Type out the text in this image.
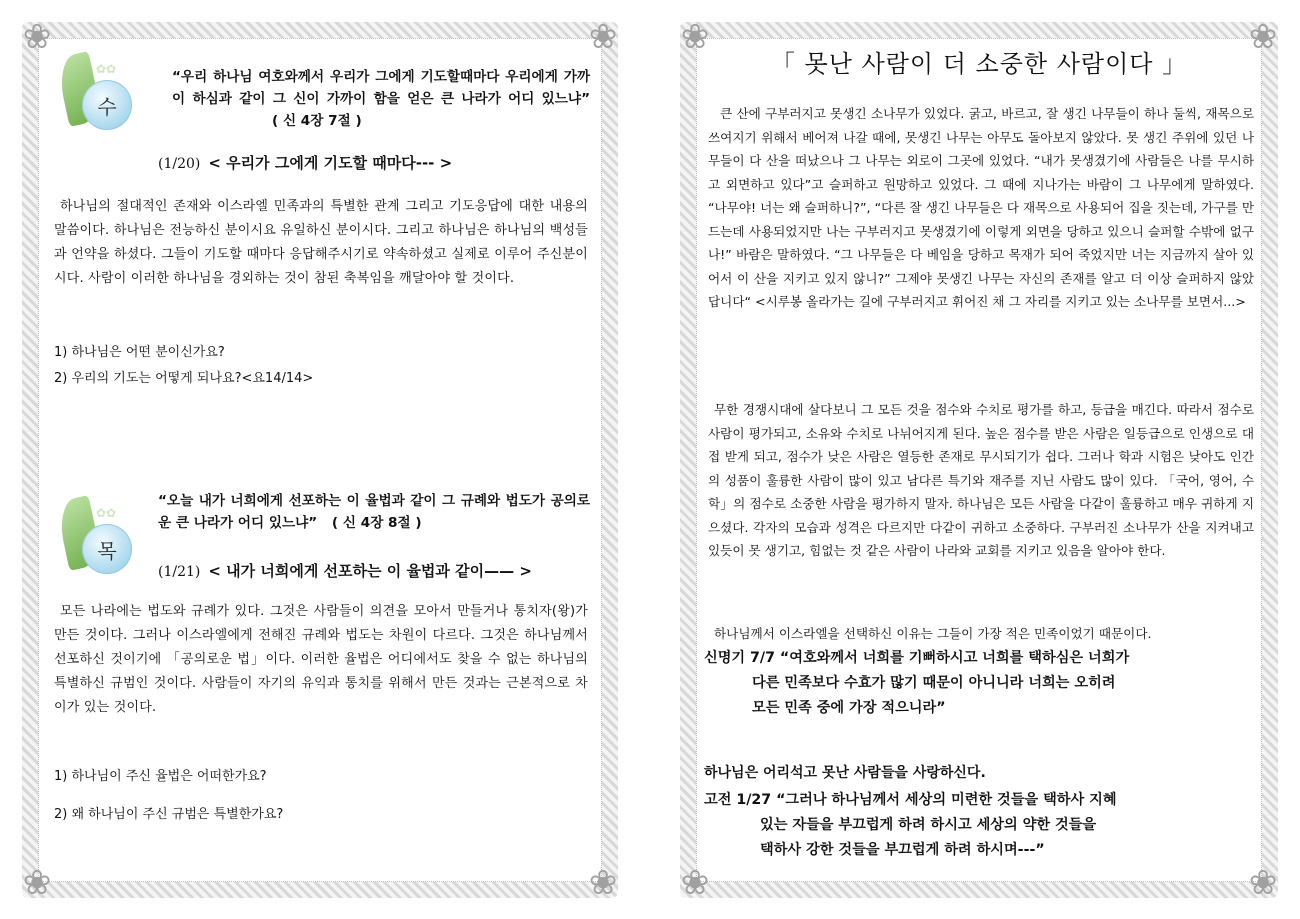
❀	❀
❀	❀
✿✿
수
“우리 하나님 여호와께서 우리가 그에게 기도할때마다 우리에게 가까이 하심과 같이 그 신이 가까이 함을 얻은 큰 나라가 어디 있느냐” ( 신 4장 7절 )
(1/20) < 우리가 그에게 기도할 때마다--- >
하나님의 절대적인 존재와 이스라엘 민족과의 특별한 관계 그리고 기도응답에 대한 내용의 말씀이다. 하나님은 전능하신 분이시요 유일하신 분이시다. 그리고 하나님은 하나님의 백성들과 언약을 하셨다. 그들이 기도할 때마다 응답해주시기로 약속하셨고 실제로 이루어 주신분이시다. 사람이 이러한 하나님을 경외하는 것이 참된 축복임을 깨달아야 할 것이다.
1) 하나님은 어떤 분이신가요?
2) 우리의 기도는 어떻게 되나요?<요14/14>
✿✿
목
“오늘 내가 너희에게 선포하는 이 율법과 같이 그 규례와 법도가 공의로운 큰 나라가 어디 있느냐” ( 신 4장 8절 )
(1/21) < 내가 너희에게 선포하는 이 율법과 같이—— >
모든 나라에는 법도와 규례가 있다. 그것은 사람들이 의견을 모아서 만들거나 통치자(왕)가 만든 것이다. 그러나 이스라엘에게 전해진 규례와 법도는 차원이 다르다. 그것은 하나님께서 선포하신 것이기에 「공의로운 법」이다. 이러한 율법은 어디에서도 찾을 수 없는 하나님의 특별하신 규범인 것이다. 사람들이 자기의 유익과 통치를 위해서 만든 것과는 근본적으로 차이가 있는 것이다.
1) 하나님이 주신 율법은 어떠한가요?
2) 왜 하나님이 주신 규범은 특별한가요?
❀	❀
❀	❀
「 못난 사람이 더 소중한 사람이다 」
큰 산에 구부러지고 못생긴 소나무가 있었다. 굵고, 바르고, 잘 생긴 나무들이 하나 둘씩, 재목으로 쓰여지기 위해서 베어져 나갈 때에, 못생긴 나무는 아무도 돌아보지 않았다. 못 생긴 주위에 있던 나무들이 다 산을 떠났으나 그 나무는 외로이 그곳에 있었다. “내가 못생겼기에 사람들은 나를 무시하고 외면하고 있다”고 슬퍼하고 원망하고 있었다. 그 때에 지나가는 바람이 그 나무에게 말하였다. “나무야! 너는 왜 슬퍼하니?”, “다른 잘 생긴 나무들은 다 재목으로 사용되어 집을 짓는데, 가구를 만드는데 사용되었지만 나는 구부러지고 못생겼기에 이렇게 외면을 당하고 있으니 슬퍼할 수밖에 없구나!” 바람은 말하였다. “그 나무들은 다 베임을 당하고 목재가 되어 죽었지만 너는 지금까지 살아 있어서 이 산을 지키고 있지 않니?” 그제야 못생긴 나무는 자신의 존재를 알고 더 이상 슬퍼하지 않았답니다“ <시루봉 올라가는 길에 구부러지고 휘어진 채 그 자리를 지키고 있는 소나무를 보면서...>
무한 경쟁시대에 살다보니 그 모든 것을 점수와 수치로 평가를 하고, 등급을 매긴다. 따라서 점수로 사람이 평가되고, 소유와 수치로 나뉘어지게 된다. 높은 점수를 받은 사람은 일등급으로 인생으로 대접 받게 되고, 점수가 낮은 사람은 열등한 존재로 무시되기가 쉽다. 그러나 학과 시험은 낮아도 인간의 성품이 훌륭한 사람이 많이 있고 남다른 특기와 재주를 지닌 사람도 많이 있다. 「국어, 영어, 수학」의 점수로 소중한 사람을 평가하지 말자. 하나님은 모든 사람을 다같이 훌륭하고 매우 귀하게 지으셨다. 각자의 모습과 성격은 다르지만 다같이 귀하고 소중하다. 구부러진 소나무가 산을 지켜내고 있듯이 못 생기고, 힘없는 것 같은 사람이 나라와 교회를 지키고 있음을 알아야 한다.
하나님께서 이스라엘을 선택하신 이유는 그들이 가장 적은 민족이었기 때문이다.
신명기 7/7 “여호와께서 너희를 기뻐하시고 너희를 택하심은 너희가
다른 민족보다 수효가 많기 때문이 아니니라 너희는 오히려
모든 민족 중에 가장 적으니라”
하나님은 어리석고 못난 사람들을 사랑하신다.
고전 1/27 “그러나 하나님께서 세상의 미련한 것들을 택하사 지혜
있는 자들을 부끄럽게 하려 하시고 세상의 약한 것들을
택하사 강한 것들을 부끄럽게 하려 하시며---”
